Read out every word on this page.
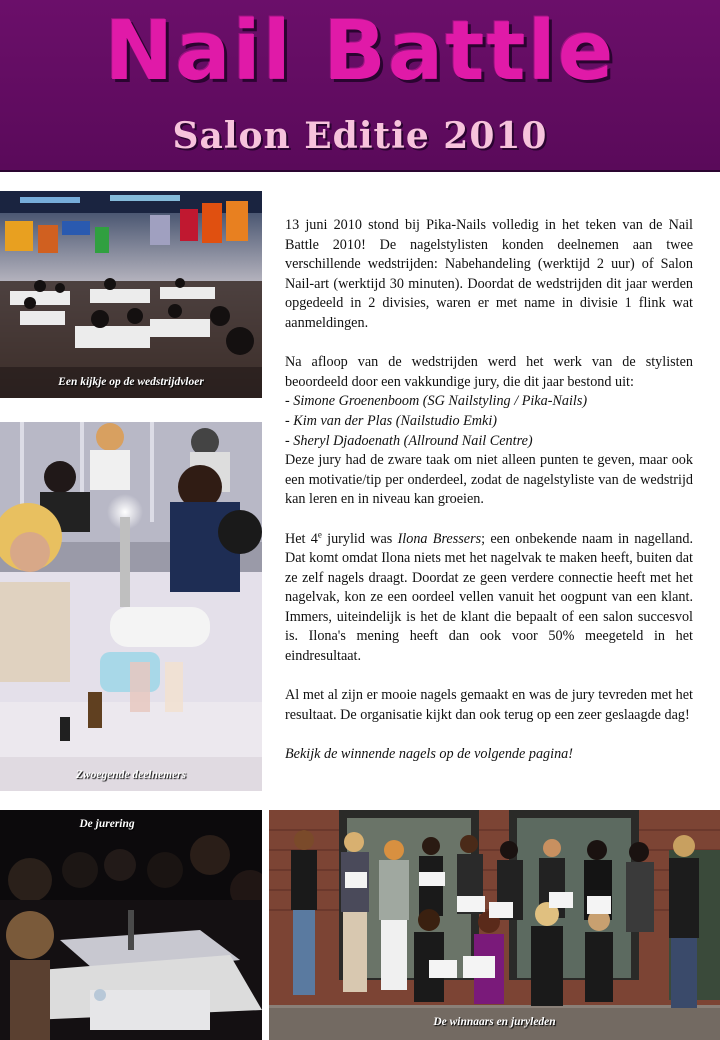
Nail Battle
Salon Editie 2010
Een kijkje op de wedstrijdvloer
Zwoegende deelnemers
De jurering
De winnaars en juryleden

13 juni 2010 stond bij Pika-Nails volledig in het teken van de Nail Battle 2010! De nagelstylisten konden deelnemen aan twee verschillende wedstrijden: Nabehandeling (werktijd 2 uur) of Salon Nail-art (werktijd 30 minuten). Doordat de wedstrijden dit jaar werden opgedeeld in 2 divisies, waren er met name in divisie 1 flink wat aanmeldingen.

Na afloop van de wedstrijden werd het werk van de stylisten beoordeeld door een vakkundige jury, die dit jaar bestond uit:
- Simone Groenenboom (SG Nailstyling / Pika-Nails)
- Kim van der Plas (Nailstudio Emki)
- Sheryl Djadoenath (Allround Nail Centre)
Deze jury had de zware taak om niet alleen punten te geven, maar ook een motivatie/tip per onderdeel, zodat de nagelstyliste van de wedstrijd kan leren en in niveau kan groeien.

Het 4e jurylid was Ilona Bressers; een onbekende naam in nagelland. Dat komt omdat Ilona niets met het nagelvak te maken heeft, buiten dat ze zelf nagels draagt. Doordat ze geen verdere connectie heeft met het nagelvak, kon ze een oordeel vellen vanuit het oogpunt van een klant. Immers, uiteindelijk is het de klant die bepaalt of een salon succesvol is. Ilona's mening heeft dan ook voor 50% meegeteld in het eindresultaat.

Al met al zijn er mooie nagels gemaakt en was de jury tevreden met het resultaat. De organisatie kijkt dan ook terug op een zeer geslaagde dag!

Bekijk de winnende nagels op de volgende pagina!
